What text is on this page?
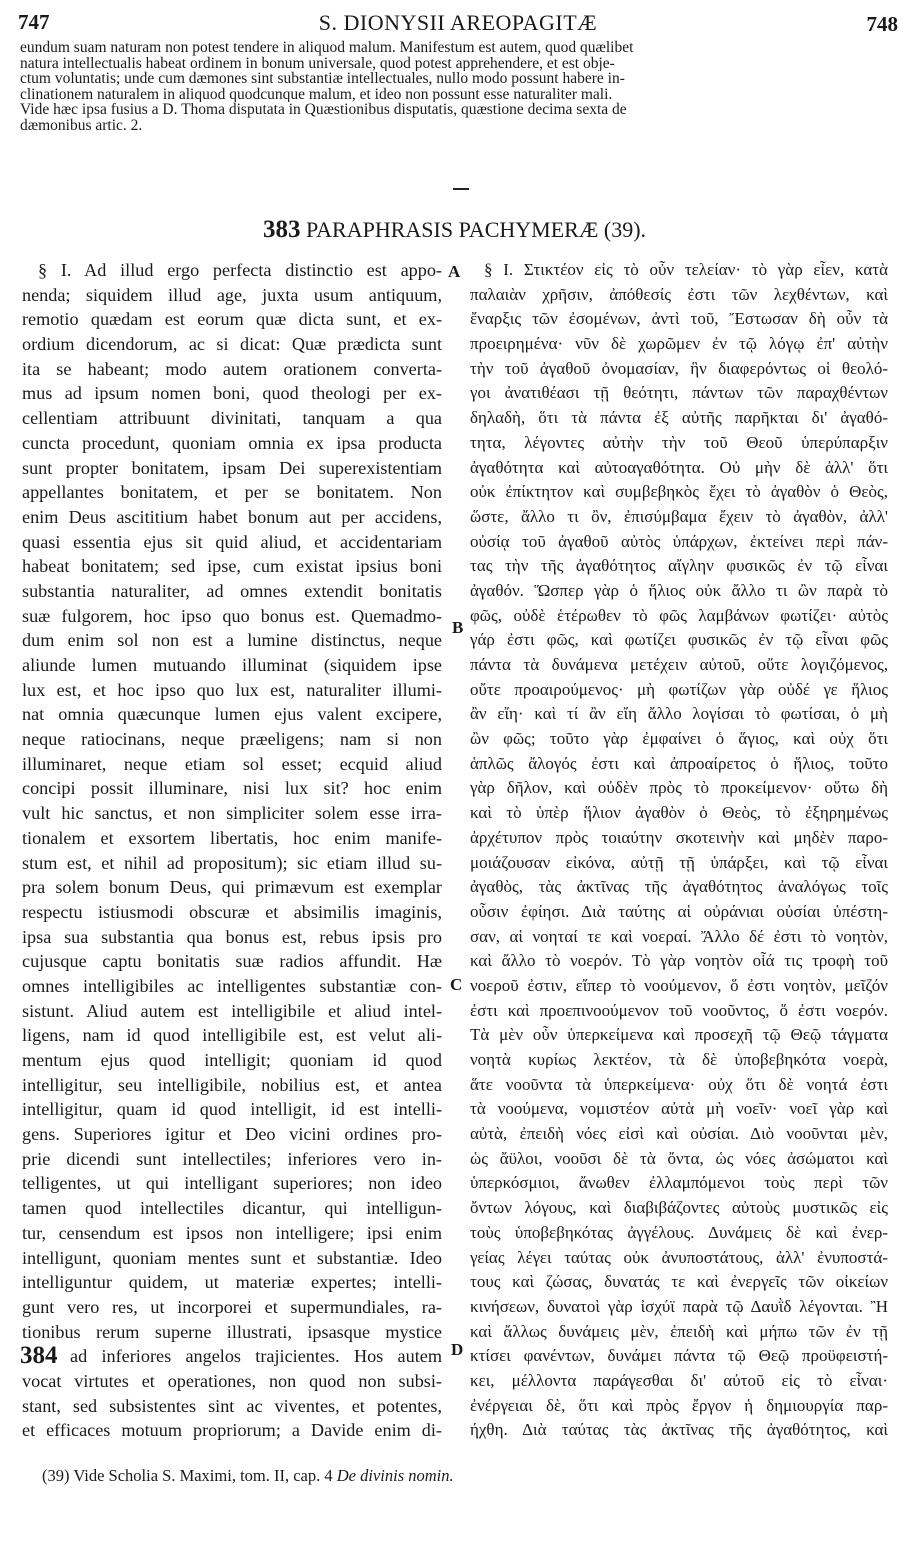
747	S. DIONYSII AREOPAGITÆ	748
eundum suam naturam non potest tendere in aliquod malum. Manifestum est autem, quod quælibet
natura intellectualis habeat ordinem in bonum universale, quod potest apprehendere, et est obje-
ctum voluntatis; unde cum dæmones sint substantiæ intellectuales, nullo modo possunt habere in-
clinationem naturalem in aliquod quodcunque malum, et ideo non possunt esse naturaliter mali.
Vide hæc ipsa fusius a D. Thoma disputata in Quæstionibus disputatis, quæstione decima sexta de
dæmonibus artic. 2.
383 PARAPHRASIS PACHYMERÆ (39).
§ I. Ad illud ergo perfecta distinctio est appo-
nenda; siquidem illud age, juxta usum antiquum,
remotio quædam est eorum quæ dicta sunt, et ex-
ordium dicendorum, ac si dicat: Quæ prædicta sunt
ita se habeant; modo autem orationem converta-
mus ad ipsum nomen boni, quod theologi per ex-
cellentiam attribuunt divinitati, tanquam a qua
cuncta procedunt, quoniam omnia ex ipsa producta
sunt propter bonitatem, ipsam Dei superexistentiam
appellantes bonitatem, et per se bonitatem. Non
enim Deus ascititium habet bonum aut per accidens,
quasi essentia ejus sit quid aliud, et accidentariam
habeat bonitatem; sed ipse, cum existat ipsius boni
substantia naturaliter, ad omnes extendit bonitatis
suæ fulgorem, hoc ipso quo bonus est. Quemadmo-
dum enim sol non est a lumine distinctus, neque
aliunde lumen mutuando illuminat (siquidem ipse
lux est, et hoc ipso quo lux est, naturaliter illumi-
nat omnia quæcunque lumen ejus valent excipere,
neque ratiocinans, neque præeligens; nam si non
illuminaret, neque etiam sol esset; ecquid aliud
concipi possit illuminare, nisi lux sit? hoc enim
vult hic sanctus, et non simpliciter solem esse irra-
tionalem et exsortem libertatis, hoc enim manife-
stum est, et nihil ad propositum); sic etiam illud su-
pra solem bonum Deus, qui primævum est exemplar
respectu istiusmodi obscuræ et absimilis imaginis,
ipsa sua substantia qua bonus est, rebus ipsis pro
cujusque captu bonitatis suæ radios affundit. Hæ
omnes intelligibiles ac intelligentes substantiæ con-
sistunt. Aliud autem est intelligibile et aliud intel-
ligens, nam id quod intelligibile est, est velut ali-
mentum ejus quod intelligit; quoniam id quod
intelligitur, seu intelligibile, nobilius est, et antea
intelligitur, quam id quod intelligit, id est intelli-
gens. Superiores igitur et Deo vicini ordines pro-
prie dicendi sunt intellectiles; inferiores vero in-
telligentes, ut qui intelligant superiores; non ideo
tamen quod intellectiles dicantur, qui intelligun-
tur, censendum est ipsos non intelligere; ipsi enim
intelligunt, quoniam mentes sunt et substantiæ. Ideo
intelliguntur quidem, ut materiæ expertes; intelli-
gunt vero res, ut incorporei et supermundiales, ra-
tionibus rerum superne illustrati, ipsasque mystice
ad inferiores angelos trajicientes. Hos autem
vocat virtutes et operationes, non quod non subsi-
stant, sed subsistentes sint ac viventes, et potentes,
et efficaces motuum propriorum; a Davide enim di-
§ I. Στικτέον εἰς τὸ οὖν τελείαν· τὸ γὰρ εἶεν, κατὰ
παλαιὰν χρῆσιν, ἀπόθεσίς ἐστι τῶν λεχθέντων, καὶ
ἔναρξις τῶν ἐσομένων, ἀντὶ τοῦ, Ἔστωσαν δὴ οὖν τὰ
προειρημένα· νῦν δὲ χωρῶμεν ἐν τῷ λόγῳ ἐπ' αὐτὴν
τὴν τοῦ ἀγαθοῦ ὀνομασίαν, ἣν διαφερόντως οἱ θεολό-
γοι ἀνατιθέασι τῇ θεότητι, πάντων τῶν παραχθέντων
δηλαδὴ, ὅτι τὰ πάντα ἐξ αὐτῆς παρῆκται δι' ἀγαθό-
τητα, λέγοντες αὐτὴν τὴν τοῦ Θεοῦ ὑπερύπαρξιν
ἀγαθότητα καὶ αὐτοαγαθότητα. Οὐ μὴν δὲ ἀλλ' ὅτι
οὐκ ἐπίκτητον καὶ συμβεβηκὸς ἔχει τὸ ἀγαθὸν ὁ Θεὸς,
ὥστε, ἄλλο τι ὂν, ἐπισύμβαμα ἔχειν τὸ ἀγαθὸν, ἀλλ'
οὐσίᾳ τοῦ ἀγαθοῦ αὐτὸς ὑπάρχων, ἐκτείνει περὶ πάν-
τας τὴν τῆς ἀγαθότητος αἴγλην φυσικῶς ἐν τῷ εἶναι
ἀγαθόν. Ὥσπερ γὰρ ὁ ἥλιος οὐκ ἄλλο τι ὢν παρὰ τὸ
φῶς, οὐδὲ ἑτέρωθεν τὸ φῶς λαμβάνων φωτίζει· αὐτὸς
γάρ ἐστι φῶς, καὶ φωτίζει φυσικῶς ἐν τῷ εἶναι φῶς
πάντα τὰ δυνάμενα μετέχειν αὐτοῦ, οὔτε λογιζόμενος,
οὔτε προαιρούμενος· μὴ φωτίζων γὰρ οὐδέ γε ἥλιος
ἂν εἴη· καὶ τί ἂν εἴη ἄλλο λογίσαι τὸ φωτίσαι, ὁ μὴ
ὢν φῶς; τοῦτο γὰρ ἐμφαίνει ὁ ἅγιος, καὶ οὐχ ὅτι
ἁπλῶς ἄλογός ἐστι καὶ ἀπροαίρετος ὁ ἥλιος, τοῦτο
γὰρ δῆλον, καὶ οὐδὲν πρὸς τὸ προκείμενον· οὕτω δὴ
καὶ τὸ ὑπὲρ ἥλιον ἀγαθὸν ὁ Θεὸς, τὸ ἐξηρημένως
ἀρχέτυπον πρὸς τοιαύτην σκοτεινὴν καὶ μηδὲν παρο-
μοιάζουσαν εἰκόνα, αὐτῇ τῇ ὑπάρξει, καὶ τῷ εἶναι
ἀγαθὸς, τὰς ἀκτῖνας τῆς ἀγαθότητος ἀναλόγως τοῖς
οὖσιν ἐφίησι. Διὰ ταύτης αἱ οὐράνιαι οὐσίαι ὑπέστη-
σαν, αἱ νοηταί τε καὶ νοεραί. Ἄλλο δέ ἐστι τὸ νοητὸν,
καὶ ἄλλο τὸ νοερόν. Τὸ γὰρ νοητὸν οἷά τις τροφὴ τοῦ
νοεροῦ ἐστιν, εἴπερ τὸ νοούμενον, ὅ ἐστι νοητὸν, μεῖζόν
ἐστι καὶ προεπινοούμενον τοῦ νοοῦντος, ὅ ἐστι νοερόν.
Τὰ μὲν οὖν ὑπερκείμενα καὶ προσεχῆ τῷ Θεῷ τάγματα
νοητὰ κυρίως λεκτέον, τὰ δὲ ὑποβεβηκότα νοερὰ,
ἅτε νοοῦντα τὰ ὑπερκείμενα· οὐχ ὅτι δὲ νοητά ἐστι
τὰ νοούμενα, νομιστέον αὐτὰ μὴ νοεῖν· νοεῖ γὰρ καὶ
αὐτὰ, ἐπειδὴ νόες εἰσὶ καὶ οὐσίαι. Διὸ νοοῦνται μὲν,
ὡς ἄϋλοι, νοοῦσι δὲ τὰ ὄντα, ὡς νόες ἀσώματοι καὶ
ὑπερκόσμιοι, ἄνωθεν ἐλλαμπόμενοι τοὺς περὶ τῶν
ὄντων λόγους, καὶ διαβιβάζοντες αὐτοὺς μυστικῶς εἰς
τοὺς ὑποβεβηκότας ἀγγέλους. Δυνάμεις δὲ καὶ ἐνερ-
γείας λέγει ταύτας οὐκ ἀνυποστάτους, ἀλλ' ἐνυποστά-
τους καὶ ζώσας, δυνατάς τε καὶ ἐνεργεῖς τῶν οἰκείων
κινήσεων, δυνατοὶ γὰρ ἰσχύϊ παρὰ τῷ Δαυῒδ λέγονται. Ἢ
καὶ ἄλλως δυνάμεις μὲν, ἐπειδὴ καὶ μήπω τῶν ἐν τῇ
κτίσει φανέντων, δυνάμει πάντα τῷ Θεῷ προϋφειστή-
κει, μέλλοντα παράγεσθαι δι' αὐτοῦ εἰς τὸ εἶναι·
ἐνέργειαι δὲ, ὅτι καὶ πρὸς ἔργον ἡ δημιουργία παρ-
ήχθη. Διὰ ταύτας τὰς ἀκτῖνας τῆς ἀγαθότητος, καὶ
A
B
C
D
384
(39) Vide Scholia S. Maximi, tom. II, cap. 4 De divinis nomin.
